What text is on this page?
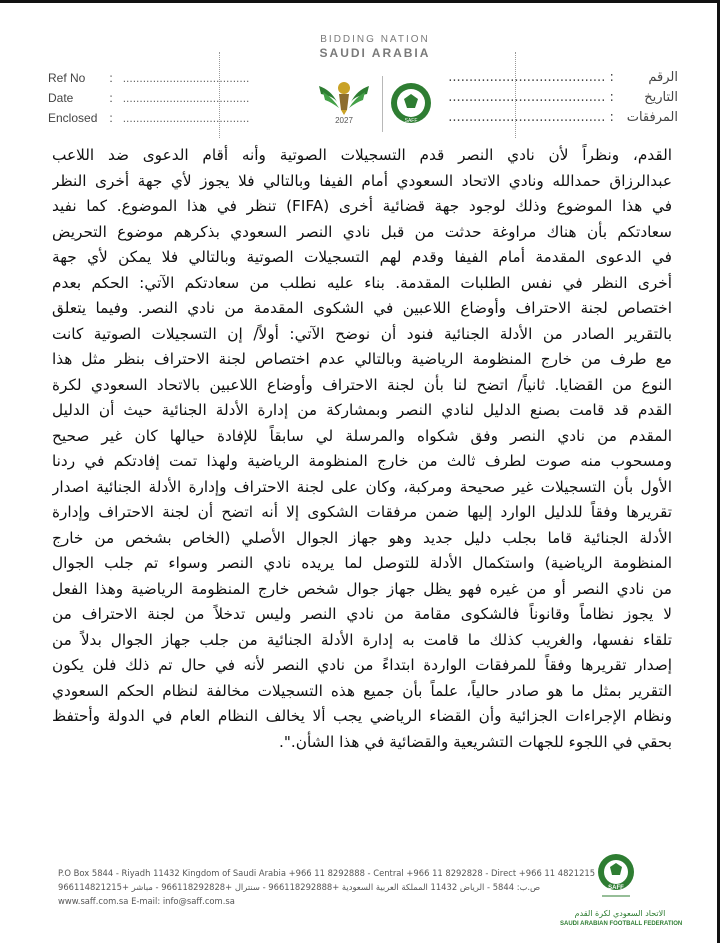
BIDDING NATION
SAUDI ARABIA
2027	SAFF
Ref No : ......................................
Date	: ......................................
Enclosed : ......................................
الرقم : ......................................
التاريخ : ......................................
المرفقات : ......................................
القدم، ونظراً لأن نادي النصر قدم التسجيلات الصوتية وأنه أقام الدعوى ضد اللاعب
عبدالرزاق حمدالله ونادي الاتحاد السعودي أمام الفيفا وبالتالي فلا يجوز لأي جهة أخرى النظر
في هذا الموضوع وذلك لوجود جهة قضائية أخرى (FIFA) تنظر في هذا الموضوع. كما نفيد
سعادتكم بأن هناك مراوغة حدثت من قبل نادي النصر السعودي بذكرهم موضوع التحريض
في الدعوى المقدمة أمام الفيفا وقدم لهم التسجيلات الصوتية وبالتالي فلا يمكن لأي جهة
أخرى النظر في نفس الطلبات المقدمة. بناء عليه نطلب من سعادتكم الآتي: الحكم بعدم
اختصاص لجنة الاحتراف وأوضاع اللاعبين في الشكوى المقدمة من نادي النصر. وفيما يتعلق
بالتقرير الصادر من الأدلة الجنائية فنود أن نوضح الآتي: أولاً/ إن التسجيلات الصوتية كانت
مع طرف من خارج المنظومة الرياضية وبالتالي عدم اختصاص لجنة الاحتراف بنظر مثل هذا
النوع من القضايا. ثانياً/ اتضح لنا بأن لجنة الاحتراف وأوضاع اللاعبين بالاتحاد السعودي لكرة
القدم قد قامت بصنع الدليل لنادي النصر وبمشاركة من إدارة الأدلة الجنائية حيث أن الدليل
المقدم من نادي النصر وفق شكواه والمرسلة لي سابقاً للإفادة حيالها كان غير صحيح
ومسحوب منه صوت لطرف ثالث من خارج المنظومة الرياضية ولهذا تمت إفادتكم في ردنا
الأول بأن التسجيلات غير صحيحة ومركبة، وكان على لجنة الاحتراف وإدارة الأدلة الجنائية اصدار
تقريرها وفقاً للدليل الوارد إليها ضمن مرفقات الشكوى إلا أنه اتضح أن لجنة الاحتراف وإدارة
الأدلة الجنائية قاما بجلب دليل جديد وهو جهاز الجوال الأصلي (الخاص بشخص من خارج
المنظومة الرياضية) واستكمال الأدلة للتوصل لما يريده نادي النصر وسواء تم جلب الجوال
من نادي النصر أو من غيره فهو يظل جهاز جوال شخص خارج المنظومة الرياضية وهذا الفعل
لا يجوز نظاماً وقانوناً فالشكوى مقامة من نادي النصر وليس تدخلاً من لجنة الاحتراف من
تلقاء نفسها، والغريب كذلك ما قامت به إدارة الأدلة الجنائية من جلب جهاز الجوال بدلاً من
إصدار تقريرها وفقاً للمرفقات الواردة ابتداءً من نادي النصر لأنه في حال تم ذلك فلن يكون
التقرير بمثل ما هو صادر حالياً، علماً بأن جميع هذه التسجيلات مخالفة لنظام الحكم السعودي
ونظام الإجراءات الجزائية وأن القضاء الرياضي يجب ألا يخالف النظام العام في الدولة وأحتفظ
بحقي في اللجوء للجهات التشريعية والقضائية في هذا الشأن.".
P.O Box 5844 - Riyadh 11432 Kingdom of Saudi Arabia +966 11 8292888 - Central +966 11 8292828 - Direct +966 11 4821215
ص.ب: 5844 - الرياض 11432 المملكة العربية السعودية +966118292888 - سنترال +966118292828 - مباشر +966114821215
www.saff.com.sa E-mail: info@saff.com.sa
SAFF
الاتحاد السعودي لكرة القدم
SAUDI ARABIAN FOOTBALL FEDERATION
